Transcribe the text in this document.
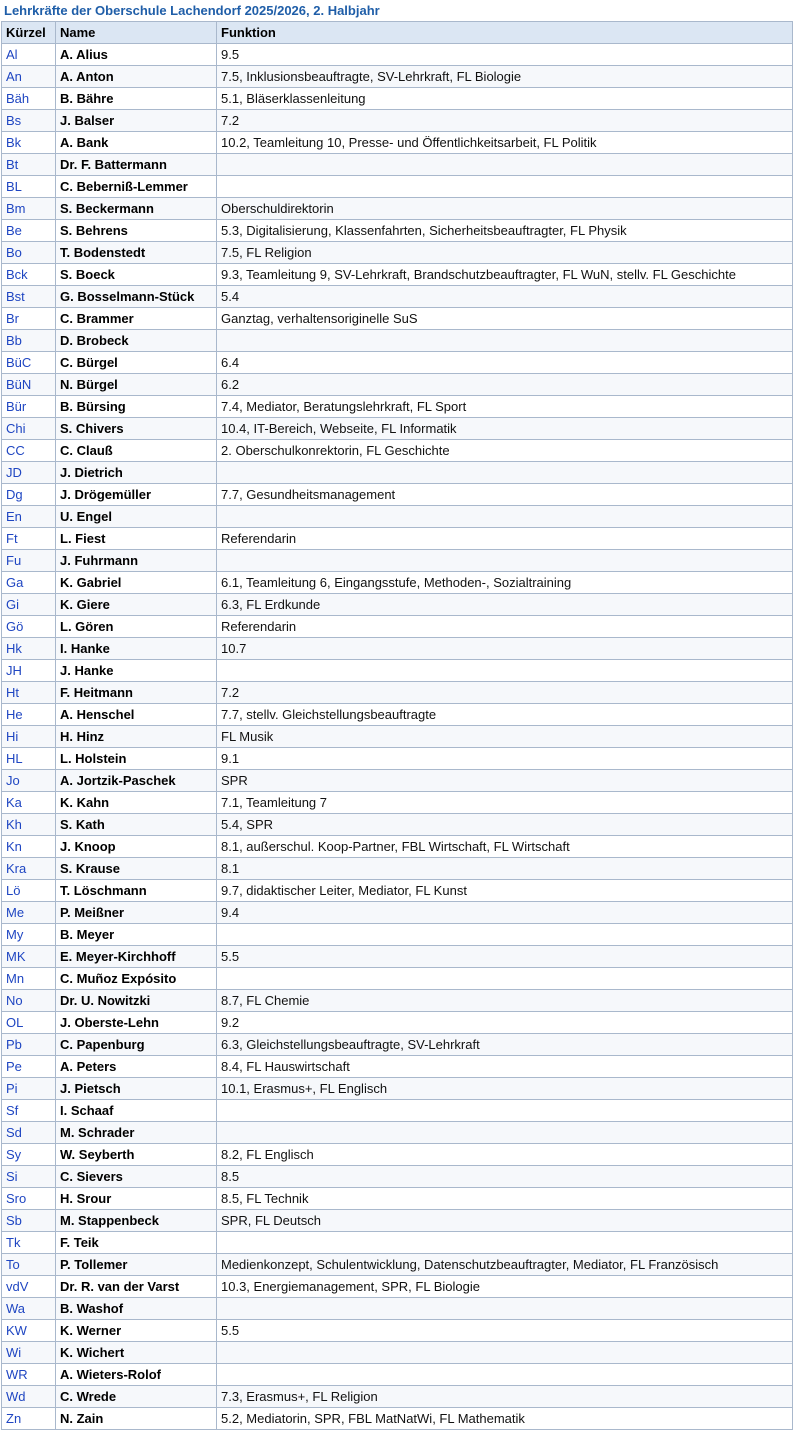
Lehrkräfte der Oberschule Lachendorf 2025/2026, 2. Halbjahr
Kürzel	Name	Funktion
Al	A. Alius	9.5
An	A. Anton	7.5, Inklusionsbeauftragte, SV-Lehrkraft, FL Biologie
Bäh	B. Bähre	5.1, Bläserklassenleitung
Bs	J. Balser	7.2
Bk	A. Bank	10.2, Teamleitung 10, Presse- und Öffentlichkeitsarbeit, FL Politik
Bt	Dr. F. Battermann	
BL	C. Beberniß-Lemmer	
Bm	S. Beckermann	Oberschuldirektorin
Be	S. Behrens	5.3, Digitalisierung, Klassenfahrten, Sicherheitsbeauftragter, FL Physik
Bo	T. Bodenstedt	7.5, FL Religion
Bck	S. Boeck	9.3, Teamleitung 9, SV-Lehrkraft, Brandschutzbeauftragter, FL WuN, stellv. FL Geschichte
Bst	G. Bosselmann-Stück	5.4
Br	C. Brammer	Ganztag, verhaltensoriginelle SuS
Bb	D. Brobeck	
BüC	C. Bürgel	6.4
BüN	N. Bürgel	6.2
Bür	B. Bürsing	7.4, Mediator, Beratungslehrkraft, FL Sport
Chi	S. Chivers	10.4, IT-Bereich, Webseite, FL Informatik
CC	C. Clauß	2. Oberschulkonrektorin, FL Geschichte
JD	J. Dietrich	
Dg	J. Drögemüller	7.7, Gesundheitsmanagement
En	U. Engel	
Ft	L. Fiest	Referendarin
Fu	J. Fuhrmann	
Ga	K. Gabriel	6.1, Teamleitung 6, Eingangsstufe, Methoden-, Sozialtraining
Gi	K. Giere	6.3, FL Erdkunde
Gö	L. Gören	Referendarin
Hk	I. Hanke	10.7
JH	J. Hanke	
Ht	F. Heitmann	7.2
He	A. Henschel	7.7, stellv. Gleichstellungsbeauftragte
Hi	H. Hinz	FL Musik
HL	L. Holstein	9.1
Jo	A. Jortzik-Paschek	SPR
Ka	K. Kahn	7.1, Teamleitung 7
Kh	S. Kath	5.4, SPR
Kn	J. Knoop	8.1, außerschul. Koop-Partner, FBL Wirtschaft, FL Wirtschaft
Kra	S. Krause	8.1
Lö	T. Löschmann	9.7, didaktischer Leiter, Mediator, FL Kunst
Me	P. Meißner	9.4
My	B. Meyer	
MK	E. Meyer-Kirchhoff	5.5
Mn	C. Muñoz Expósito	
No	Dr. U. Nowitzki	8.7, FL Chemie
OL	J. Oberste-Lehn	9.2
Pb	C. Papenburg	6.3, Gleichstellungsbeauftragte, SV-Lehrkraft
Pe	A. Peters	8.4, FL Hauswirtschaft
Pi	J. Pietsch	10.1, Erasmus+, FL Englisch
Sf	I. Schaaf	
Sd	M. Schrader	
Sy	W. Seyberth	8.2, FL Englisch
Si	C. Sievers	8.5
Sro	H. Srour	8.5, FL Technik
Sb	M. Stappenbeck	SPR, FL Deutsch
Tk	F. Teik	
To	P. Tollemer	Medienkonzept, Schulentwicklung, Datenschutzbeauftragter, Mediator, FL Französisch
vdV	Dr. R. van der Varst	10.3, Energiemanagement, SPR, FL Biologie
Wa	B. Washof	
KW	K. Werner	5.5
Wi	K. Wichert	
WR	A. Wieters-Rolof	
Wd	C. Wrede	7.3, Erasmus+, FL Religion
Zn	N. Zain	5.2, Mediatorin, SPR, FBL MatNatWi, FL Mathematik
